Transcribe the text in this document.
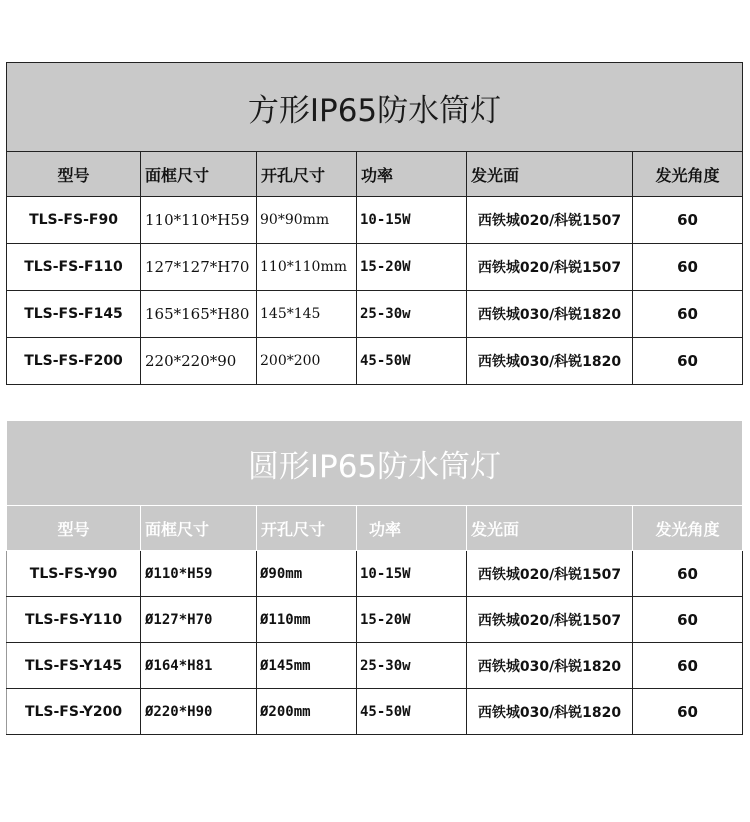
方形IP65防水筒灯					
型号	面框尺寸	开孔尺寸	功率	发光面	发光角度
TLS-FS-F90	110*110*H59	90*90mm	10-15W	西铁城020/科锐1507	60
TLS-FS-F110	127*127*H70	110*110mm	15-20W	西铁城020/科锐1507	60
TLS-FS-F145	165*165*H80	145*145	25-30w	西铁城030/科锐1820	60
TLS-FS-F200	220*220*90	200*200	45-50W	西铁城030/科锐1820	60
圆形IP65防水筒灯					
型号	面框尺寸	开孔尺寸	功率	发光面	发光角度
TLS-FS-Y90	Ø110*H59	Ø90mm	10-15W	西铁城020/科锐1507	60
TLS-FS-Y110	Ø127*H70	Ø110mm	15-20W	西铁城020/科锐1507	60
TLS-FS-Y145	Ø164*H81	Ø145mm	25-30w	西铁城030/科锐1820	60
TLS-FS-Y200	Ø220*H90	Ø200mm	45-50W	西铁城030/科锐1820	60
